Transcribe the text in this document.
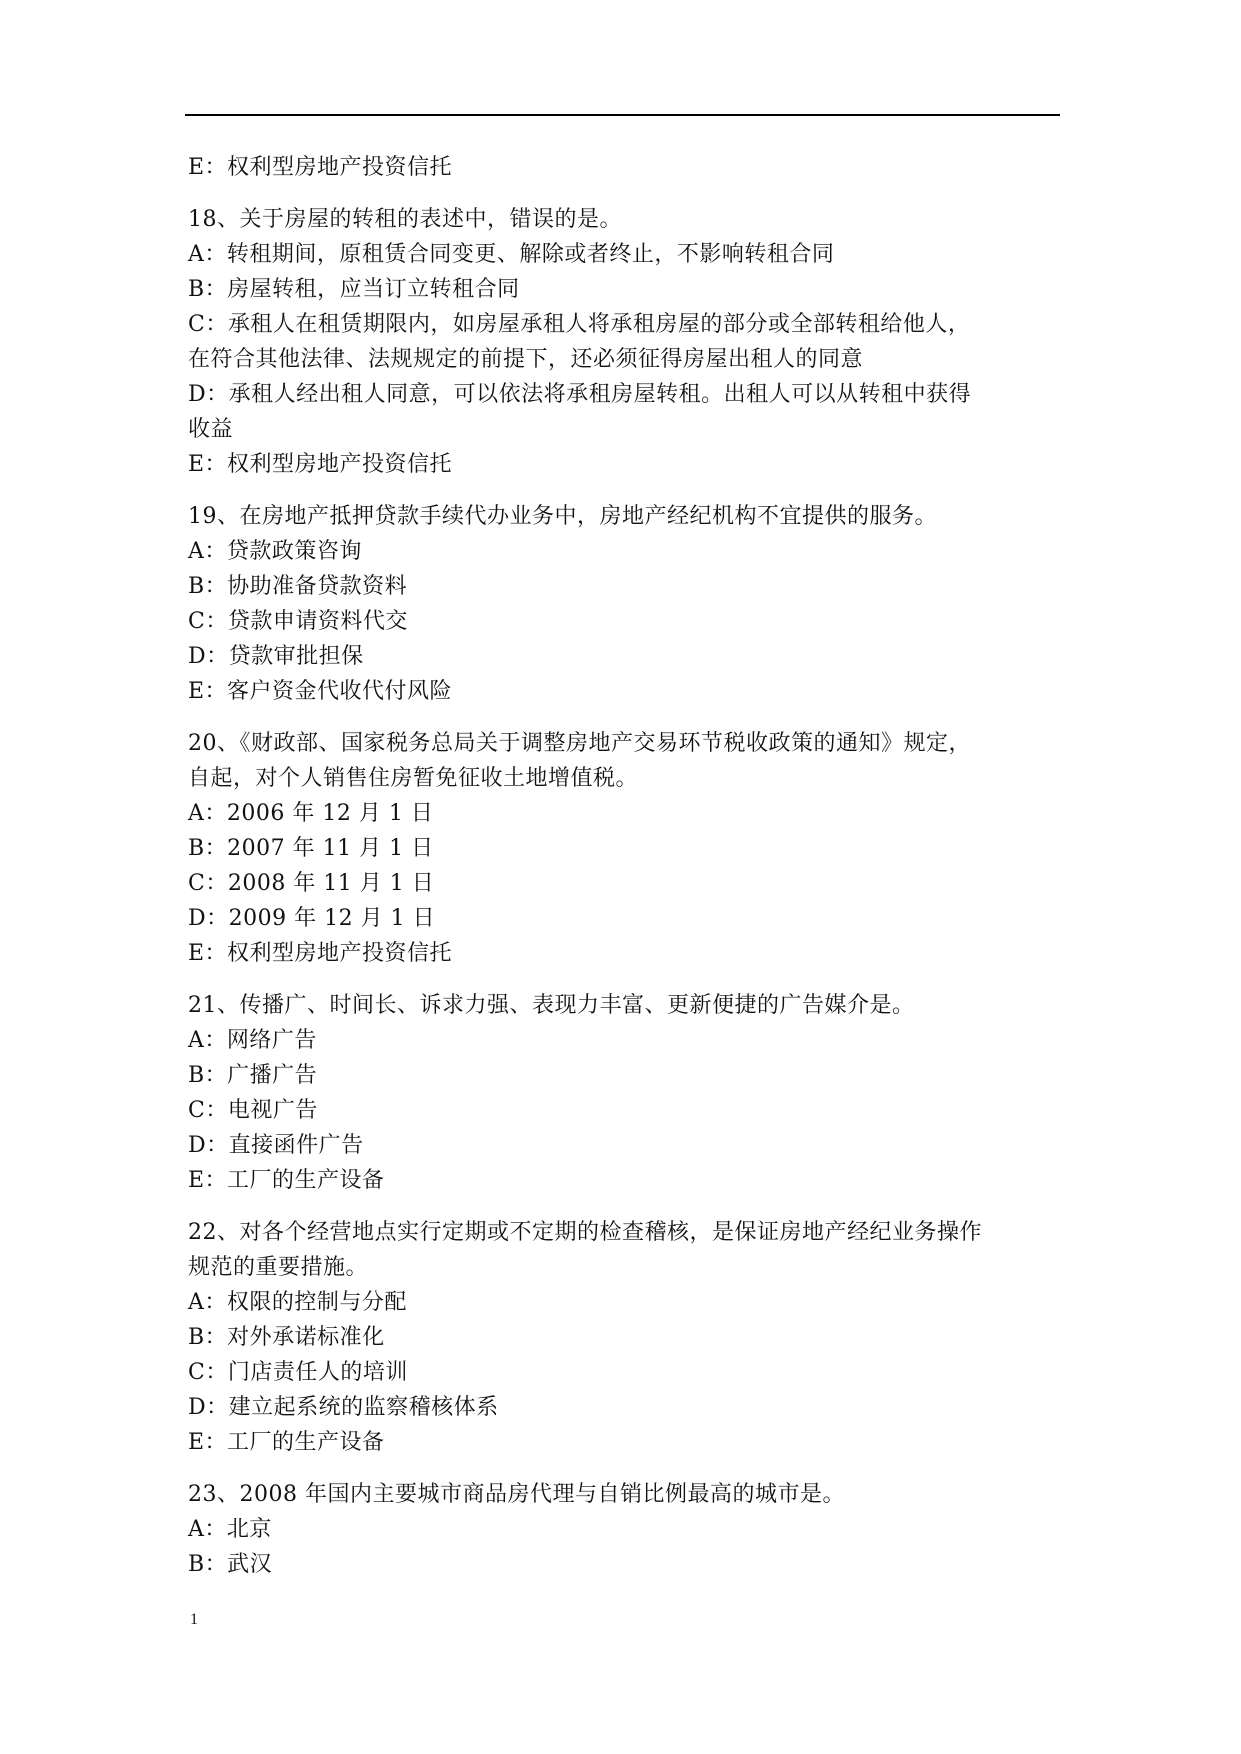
E：权利型房地产投资信托
18、关于房屋的转租的表述中，错误的是。
A：转租期间，原租赁合同变更、解除或者终止，不影响转租合同
B：房屋转租，应当订立转租合同
C：承租人在租赁期限内，如房屋承租人将承租房屋的部分或全部转租给他人，
在符合其他法律、法规规定的前提下，还必须征得房屋出租人的同意
D：承租人经出租人同意，可以依法将承租房屋转租。出租人可以从转租中获得
收益
E：权利型房地产投资信托
19、在房地产抵押贷款手续代办业务中，房地产经纪机构不宜提供的服务。
A：贷款政策咨询
B：协助准备贷款资料
C：贷款申请资料代交
D：贷款审批担保
E：客户资金代收代付风险
20、《财政部、国家税务总局关于调整房地产交易环节税收政策的通知》规定，
自起，对个人销售住房暂免征收土地增值税。
A：2006 年 12 月 1 日
B：2007 年 11 月 1 日
C：2008 年 11 月 1 日
D：2009 年 12 月 1 日
E：权利型房地产投资信托
21、传播广、时间长、诉求力强、表现力丰富、更新便捷的广告媒介是。
A：网络广告
B：广播广告
C：电视广告
D：直接函件广告
E：工厂的生产设备
22、对各个经营地点实行定期或不定期的检查稽核，是保证房地产经纪业务操作
规范的重要措施。
A：权限的控制与分配
B：对外承诺标准化
C：门店责任人的培训
D：建立起系统的监察稽核体系
E：工厂的生产设备
23、2008 年国内主要城市商品房代理与自销比例最高的城市是。
A：北京
B：武汉
1
